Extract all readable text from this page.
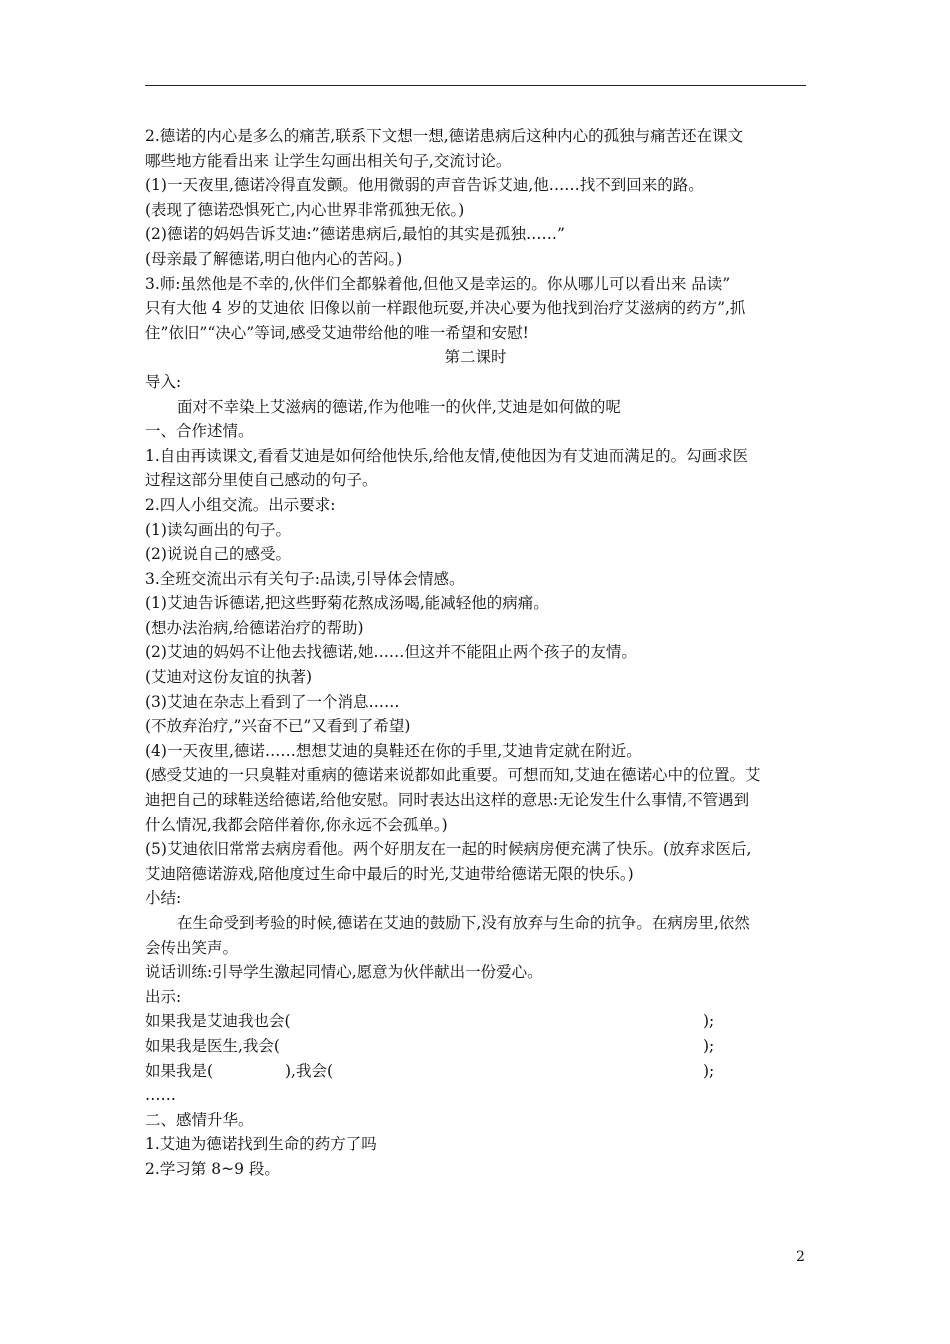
2.德诺的内心是多么的痛苦,联系下文想一想,德诺患病后这种内心的孤独与痛苦还在课文
哪些地方能看出来 让学生勾画出相关句子,交流讨论。
(1)一天夜里,德诺冷得直发颤。他用微弱的声音告诉艾迪,他……找不到回来的路。
(表现了德诺恐惧死亡,内心世界非常孤独无依。)
(2)德诺的妈妈告诉艾迪:”德诺患病后,最怕的其实是孤独……”
(母亲最了解德诺,明白他内心的苦闷。)
3.师:虽然他是不幸的,伙伴们全都躲着他,但他又是幸运的。你从哪儿可以看出来 品读”
只有大他 4 岁的艾迪依 旧像以前一样跟他玩耍,并决心要为他找到治疗艾滋病的药方”,抓
住”依旧”“决心”等词,感受艾迪带给他的唯一希望和安慰!
第二课时
导入:
面对不幸染上艾滋病的德诺,作为他唯一的伙伴,艾迪是如何做的呢
一、合作述情。
1.自由再读课文,看看艾迪是如何给他快乐,给他友情,使他因为有艾迪而满足的。勾画求医
过程这部分里使自己感动的句子。
2.四人小组交流。出示要求:
(1)读勾画出的句子。
(2)说说自己的感受。
3.全班交流出示有关句子:品读,引导体会情感。
(1)艾迪告诉德诺,把这些野菊花熬成汤喝,能减轻他的病痛。
(想办法治病,给德诺治疗的帮助)
(2)艾迪的妈妈不让他去找德诺,她……但这并不能阻止两个孩子的友情。
(艾迪对这份友谊的执著)
(3)艾迪在杂志上看到了一个消息……
(不放弃治疗,”兴奋不已”又看到了希望)
(4)一天夜里,德诺……想想艾迪的臭鞋还在你的手里,艾迪肯定就在附近。
(感受艾迪的一只臭鞋对重病的德诺来说都如此重要。可想而知,艾迪在德诺心中的位置。艾
迪把自己的球鞋送给德诺,给他安慰。同时表达出这样的意思:无论发生什么事情,不管遇到
什么情况,我都会陪伴着你,你永远不会孤单。)
(5)艾迪依旧常常去病房看他。两个好朋友在一起的时候病房便充满了快乐。(放弃求医后,
艾迪陪德诺游戏,陪他度过生命中最后的时光,艾迪带给德诺无限的快乐。)
小结:
在生命受到考验的时候,德诺在艾迪的鼓励下,没有放弃与生命的抗争。在病房里,依然
会传出笑声。
说话训练:引导学生激起同情心,愿意为伙伴献出一份爱心。
出示:
如果我是艾迪我也会(	);
如果我是医生,我会(	);
如果我是(	),我会(	);
……
二、感情升华。
1.艾迪为德诺找到生命的药方了吗
2.学习第 8~9 段。
2
